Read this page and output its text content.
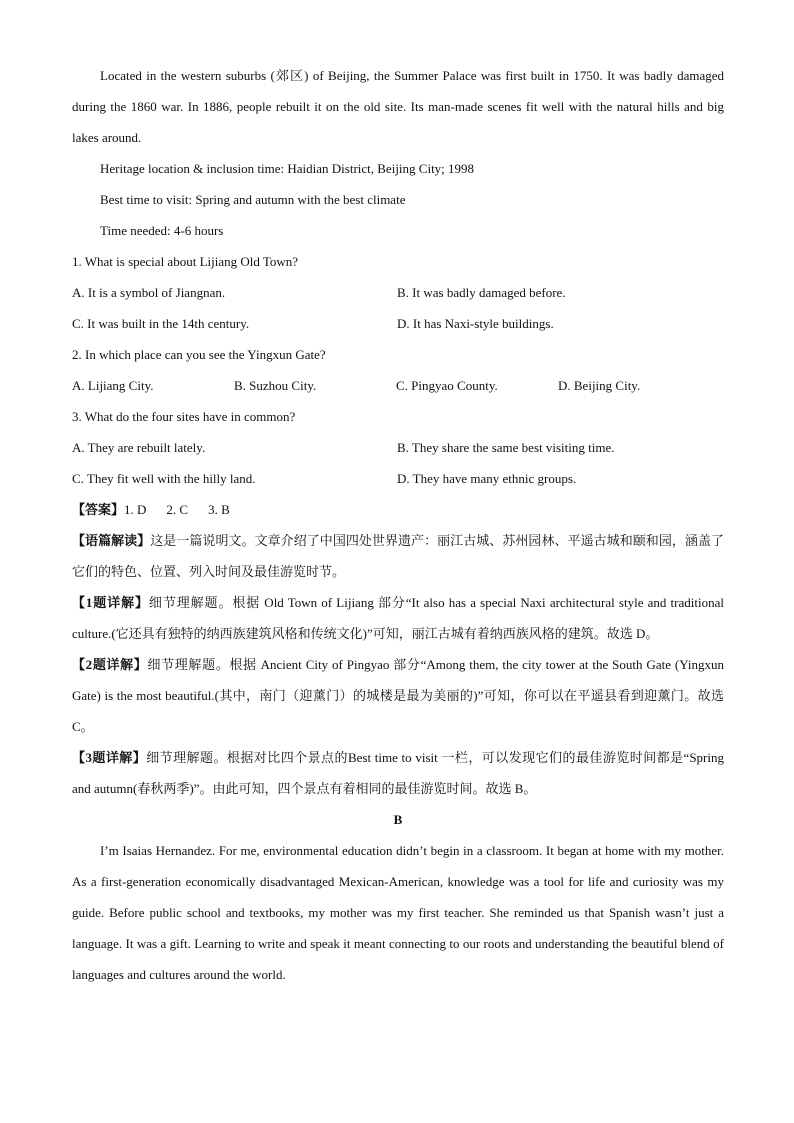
Located in the western suburbs (郊区) of Beijing, the Summer Palace was first built in 1750. It was badly damaged during the 1860 war. In 1886, people rebuilt it on the old site. Its man-made scenes fit well with the natural hills and big lakes around.

Heritage location & inclusion time: Haidian District, Beijing City; 1998

Best time to visit: Spring and autumn with the best climate

Time needed: 4-6 hours

1. What is special about Lijiang Old Town?

A. It is a symbol of Jiangnan.	B. It was badly damaged before.
C. It was built in the 14th century.	D. It has Naxi-style buildings.

2. In which place can you see the Yingxun Gate?

A. Lijiang City.	B. Suzhou City.	C. Pingyao County.	D. Beijing City.

3. What do the four sites have in common?

A. They are rebuilt lately.	B. They share the same best visiting time.
C. They fit well with the hilly land.	D. They have many ethnic groups.

【答案】1. D 2. C 3. B

【语篇解读】这是一篇说明文。文章介绍了中国四处世界遗产：丽江古城、苏州园林、平遥古城和颐和园，涵盖了它们的特色、位置、列入时间及最佳游览时节。

【1题详解】细节理解题。根据 Old Town of Lijiang 部分“It also has a special Naxi architectural style and traditional culture.(它还具有独特的纳西族建筑风格和传统文化)”可知，丽江古城有着纳西族风格的建筑。故选 D。

【2题详解】细节理解题。根据 Ancient City of Pingyao 部分“Among them, the city tower at the South Gate (Yingxun Gate) is the most beautiful.(其中，南门（迎薰门）的城楼是最为美丽的)”可知，你可以在平遥县看到迎薰门。故选 C。

【3题详解】细节理解题。根据对比四个景点的Best time to visit 一栏，可以发现它们的最佳游览时间都是“Spring and autumn(春秋两季)”。由此可知，四个景点有着相同的最佳游览时间。故选 B。

B

I’m Isaias Hernandez. For me, environmental education didn’t begin in a classroom. It began at home with my mother. As a first-generation economically disadvantaged Mexican-American, knowledge was a tool for life and curiosity was my guide. Before public school and textbooks, my mother was my first teacher. She reminded us that Spanish wasn’t just a language. It was a gift. Learning to write and speak it meant connecting to our roots and understanding the beautiful blend of languages and cultures around the world.
